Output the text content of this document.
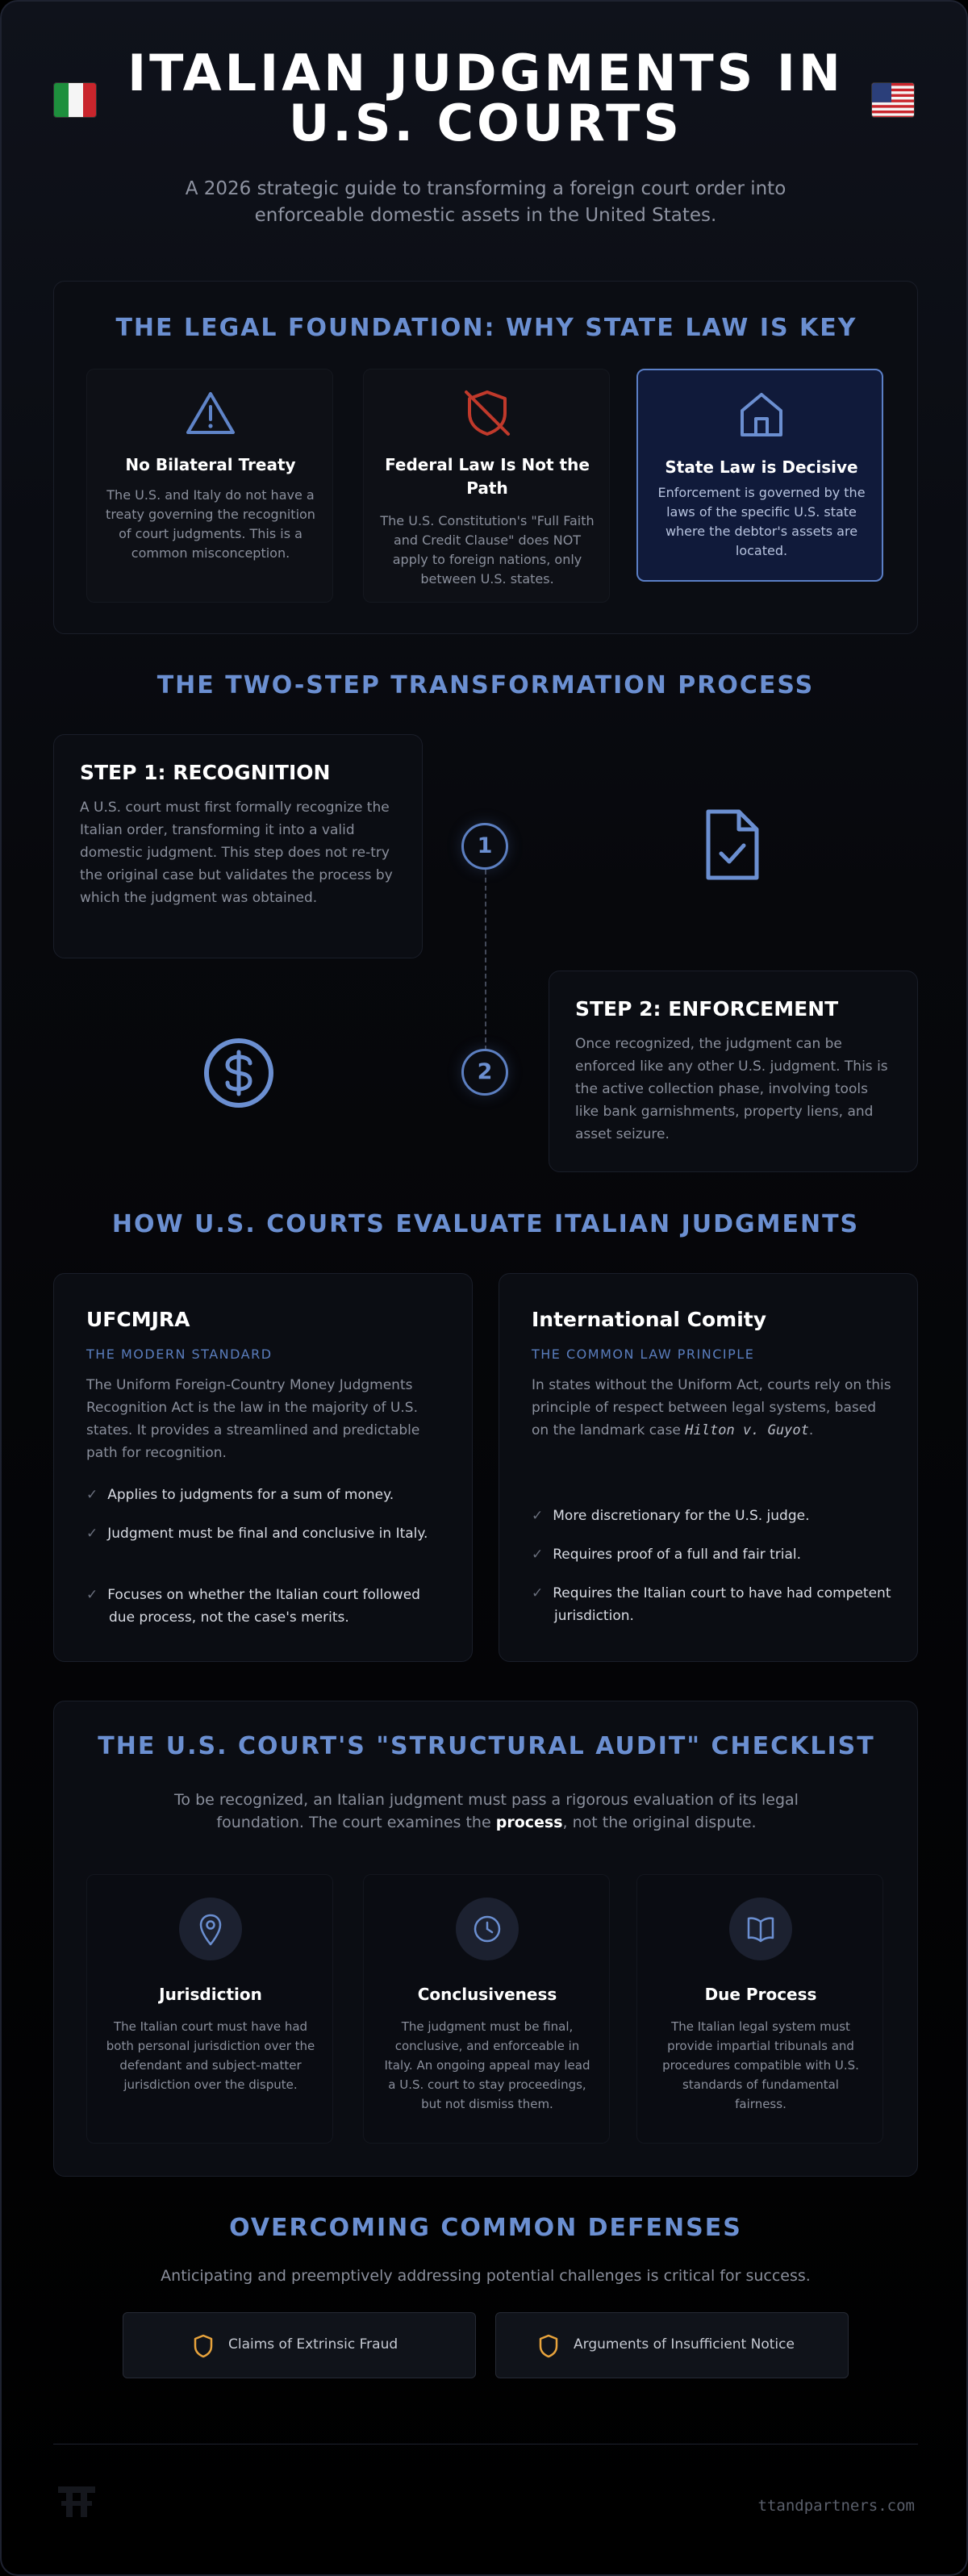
ITALIAN JUDGMENTS IN U.S. COURTS
A 2026 strategic guide to transforming a foreign court order into enforceable domestic assets in the United States.
THE LEGAL FOUNDATION: WHY STATE LAW IS KEY
No Bilateral Treaty
The U.S. and Italy do not have a treaty governing the recognition of court judgments. This is a common misconception.
Federal Law Is Not the Path
The U.S. Constitution's "Full Faith and Credit Clause" does NOT apply to foreign nations, only between U.S. states.
State Law is Decisive
Enforcement is governed by the laws of the specific U.S. state where the debtor's assets are located.
THE TWO-STEP TRANSFORMATION PROCESS
STEP 1: RECOGNITION
A U.S. court must first formally recognize the Italian order, transforming it into a valid domestic judgment. This step does not re-try the original case but validates the process by which the judgment was obtained.
1
2
STEP 2: ENFORCEMENT
Once recognized, the judgment can be enforced like any other U.S. judgment. This is the active collection phase, involving tools like bank garnishments, property liens, and asset seizure.
HOW U.S. COURTS EVALUATE ITALIAN JUDGMENTS
UFCMJRA
THE MODERN STANDARD
The Uniform Foreign-Country Money Judgments Recognition Act is the law in the majority of U.S. states. It provides a streamlined and predictable path for recognition.
✓ Applies to judgments for a sum of money.
✓ Judgment must be final and conclusive in Italy.
✓ Focuses on whether the Italian court followed due process, not the case's merits.
International Comity
THE COMMON LAW PRINCIPLE
In states without the Uniform Act, courts rely on this principle of respect between legal systems, based on the landmark case Hilton v. Guyot.
✓ More discretionary for the U.S. judge.
✓ Requires proof of a full and fair trial.
✓ Requires the Italian court to have had competent jurisdiction.
THE U.S. COURT'S "STRUCTURAL AUDIT" CHECKLIST
To be recognized, an Italian judgment must pass a rigorous evaluation of its legal foundation. The court examines the process, not the original dispute.
Jurisdiction
The Italian court must have had both personal jurisdiction over the defendant and subject-matter jurisdiction over the dispute.
Conclusiveness
The judgment must be final, conclusive, and enforceable in Italy. An ongoing appeal may lead a U.S. court to stay proceedings, but not dismiss them.
Due Process
The Italian legal system must provide impartial tribunals and procedures compatible with U.S. standards of fundamental fairness.
OVERCOMING COMMON DEFENSES
Anticipating and preemptively addressing potential challenges is critical for success.
Claims of Extrinsic Fraud	Arguments of Insufficient Notice
ttandpartners.com
